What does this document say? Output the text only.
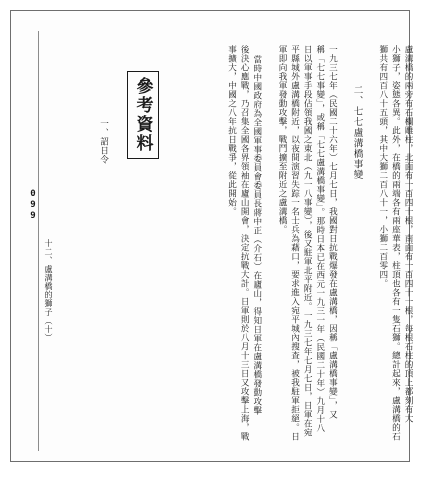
盧溝橋的兩旁有石欄雕柱，北面有一百四十根，南面有一百四十一根，每根石柱的頂上都刻有大
小獅子，姿態各異。此外，在橋的兩端各有兩座華表，柱頂也各有一隻石獅。總計起來，盧溝橋的石
獅共有四百八十五頭，其中大獅二百八十一，小獅二百零四。
二、七七盧溝橋事變
一九三七年（民國二十六年）七月七日，我國對日抗戰爆發在盧溝橋，因稱「盧溝橋事變」，又
稱「七七事變」，或稱「七七盧溝橋事變」。那時日本已在西元一九三一年（民國二十年）九月十八
日以軍事手段佔領我國之東北（九一八事變），後又駐軍北平附近。一九三七年七月七日，日軍在宛
平縣城外盧溝橋附近，以夜間演習失踪一名士兵為藉口，要求進入宛平城內搜查，被我駐軍拒絕。日
軍即向我軍發動攻擊，戰鬥擴至附近之盧溝橋。
當時中國政府為全國軍事委員會委員長蔣中正（介石）在廬山，得知日軍在盧溝橋發動攻擊
後決心應戰，乃召集全國各界領袖在廬山開會，決定抗戰大計。日軍則於八月十三日又攻擊上海，戰
事擴大，中國之八年抗日戰爭，從此開始。
參考資料
一、詔日令
十二、盧溝橋的獅子（十）
099
